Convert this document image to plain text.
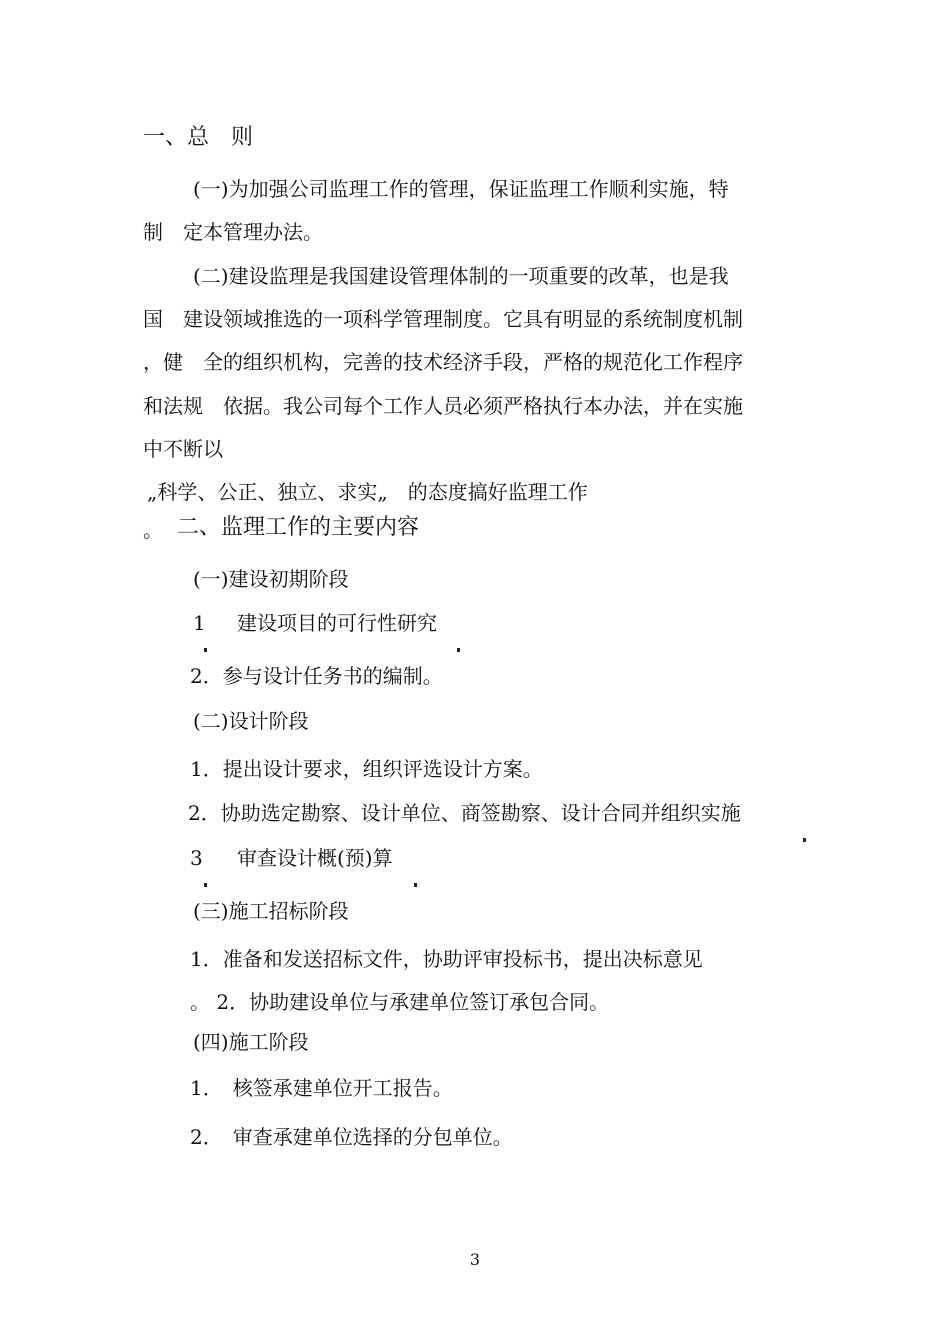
一、总　则
(一)为加强公司监理工作的管理，保证监理工作顺利实施，特
制　定本管理办法。
(二)建设监理是我国建设管理体制的一项重要的改革，也是我
国　建设领域推选的一项科学管理制度。它具有明显的系统制度机制
，健　全的组织机构，完善的技术经济手段，严格的规范化工作程序
和法规　依据。我公司每个工作人员必须严格执行本办法，并在实施
中不断以
„科学、公正、独立、求实„　的态度搞好监理工作
。 二、监理工作的主要内容
(一)建设初期阶段
1 建设项目的可行性研究
2．参与设计任务书的编制。
(二)设计阶段
1．提出设计要求，组织评选设计方案。
2．协助选定勘察、设计单位、商签勘察、设计合同并组织实施
3 审查设计概(预)算
(三)施工招标阶段
1．准备和发送招标文件，协助评审投标书，提出决标意见
。 2．协助建设单位与承建单位签订承包合同。
(四)施工阶段
1．　核签承建单位开工报告。
2．　审查承建单位选择的分包单位。
3
